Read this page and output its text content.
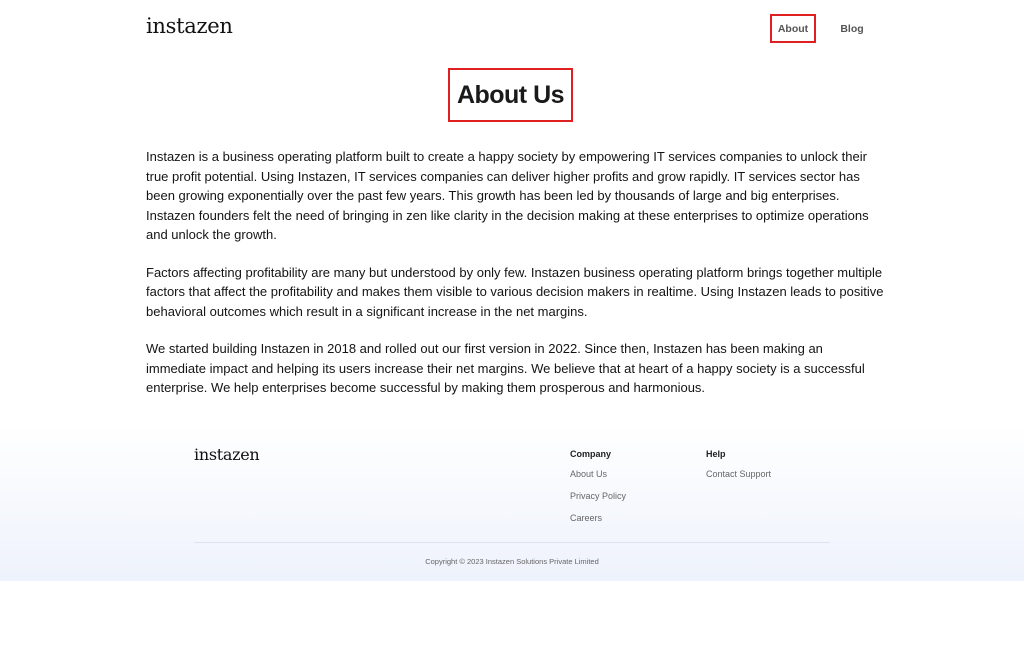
instazen	About	Blog
About Us

Instazen is a business operating platform built to create a happy society by empowering IT services companies to unlock their true profit potential. Using Instazen, IT services companies can deliver higher profits and grow rapidly. IT services sector has been growing exponentially over the past few years. This growth has been led by thousands of large and big enterprises. Instazen founders felt the need of bringing in zen like clarity in the decision making at these enterprises to optimize operations and unlock the growth.

Factors affecting profitability are many but understood by only few. Instazen business operating platform brings together multiple factors that affect the profitability and makes them visible to various decision makers in realtime. Using Instazen leads to positive behavioral outcomes which result in a significant increase in the net margins.

We started building Instazen in 2018 and rolled out our first version in 2022. Since then, Instazen has been making an immediate impact and helping its users increase their net margins. We believe that at heart of a happy society is a successful enterprise. We help enterprises become successful by making them prosperous and harmonious.

instazen	Company
About Us
Privacy Policy
Careers
Help
Contact Support
Copyright © 2023 Instazen Solutions Private Limited
